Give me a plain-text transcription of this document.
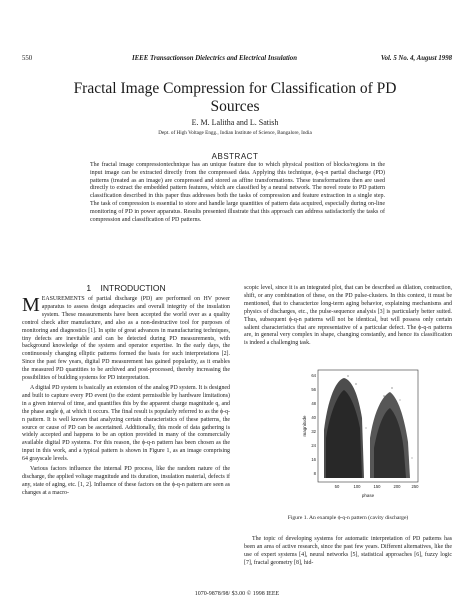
550	IEEE Transactionson Dielectrics and Electrical Insulation	Vol. 5 No. 4, August 1998
Fractal Image Compression for Classification of PD Sources
E. M. Lalitha and L. Satish
Dept. of High Voltage Engg., Indian Institute of Science, Bangalore, India
ABSTRACT
The fractal image compressiontechnique has an unique feature due to which physical position of blocks/regions in the input image can be extracted directly from the compressed data. Applying this technique, ϕ-q-n partial discharge (PD) patterns (treated as an image) are compressed and stored as affine transformations. These transformations then are used directly to extract the embedded pattern features, which are classified by a neural network. The novel route to PD pattern classification described in this paper thus addresses both the tasks of compression and feature extraction in a single step. The task of compression is essential to store and handle large quantities of pattern data acquired, especially during on-line monitoring of PD in power apparatus. Results presented illustrate that this approach can address satisfactorily the tasks of compression and classification of PD patterns.
1 INTRODUCTION

MEASUREMENTS of partial discharge (PD) are performed on HV power apparatus to assess design adequacies and overall integrity of the insulation system. These measurements have been accepted the world over as a quality control check after manufacture, and also as a non-destructive tool for purposes of monitoring and diagnostics [1]. In spite of great advances in manufacturing techniques, tiny defects are inevitable and can be detected during PD measurements, with background knowledge of the system and operator expertise. In the early days, the continuously changing elliptic patterns formed the basis for such interpretations [2]. Since the past few years, digital PD measurement has gained popularity, as it enables the measured PD quantities to be archived and post-processed, thereby increasing the possibilities of building systems for PD interpretation.

A digital PD system is basically an extension of the analog PD system. It is designed and built to capture every PD event (to the extent permissible by hardware limitations) in a given interval of time, and quantifies this by the apparent charge magnitude q, and the phase angle ϕ, at which it occurs. The final result is popularly referred to as the ϕ-q-n pattern. It is well known that analyzing certain characteristics of these patterns, the source or cause of PD can be ascertained. Additionally, this mode of data gathering is widely accepted and happens to be an option provided in many of the commercially available digital PD systems. For this reason, the ϕ-q-n pattern has been chosen as the input in this work, and a typical pattern is shown in Figure 1, as an image comprising 64 grayscale levels.

Various factors influence the internal PD process, like the random nature of the discharge, the applied voltage magnitude and its duration, insulation material, defects if any, state of aging, etc. [1, 2]. Influence of these factors on the ϕ-q-n pattern are seen as changes at a macro-

scopic level, since it is an integrated plot, that can be described as dilation, contraction, shift, or any combination of these, on the PD pulse-clusters. In this context, it must be mentioned, that to characterize long-term aging behavior, explaining mechanisms and physics of discharges, etc., the pulse-sequence analysis [3] is particularly better suited. Thus, subsequent ϕ-q-n patterns will not be identical, but will possess only certain salient characteristics that are representative of a particular defect. The ϕ-q-n patterns are, in general very complex in shape, changing constantly, and hence its classification is indeed a challenging task.

64
56
48
40
32
24
16
8
50	100	150	200	250
magnitude
phase
Figure 1. An example ϕ-q-n pattern (cavity discharge)

The topic of developing systems for automatic interpretation of PD patterns has been an area of active research, since the past few years. Different alternatives, like the use of expert systems [4], neural networks [5], statistical approaches [6], fuzzy logic [7], fractal geometry [8], hid-

1070-9878/98/ $3.00 © 1998 IEEE
